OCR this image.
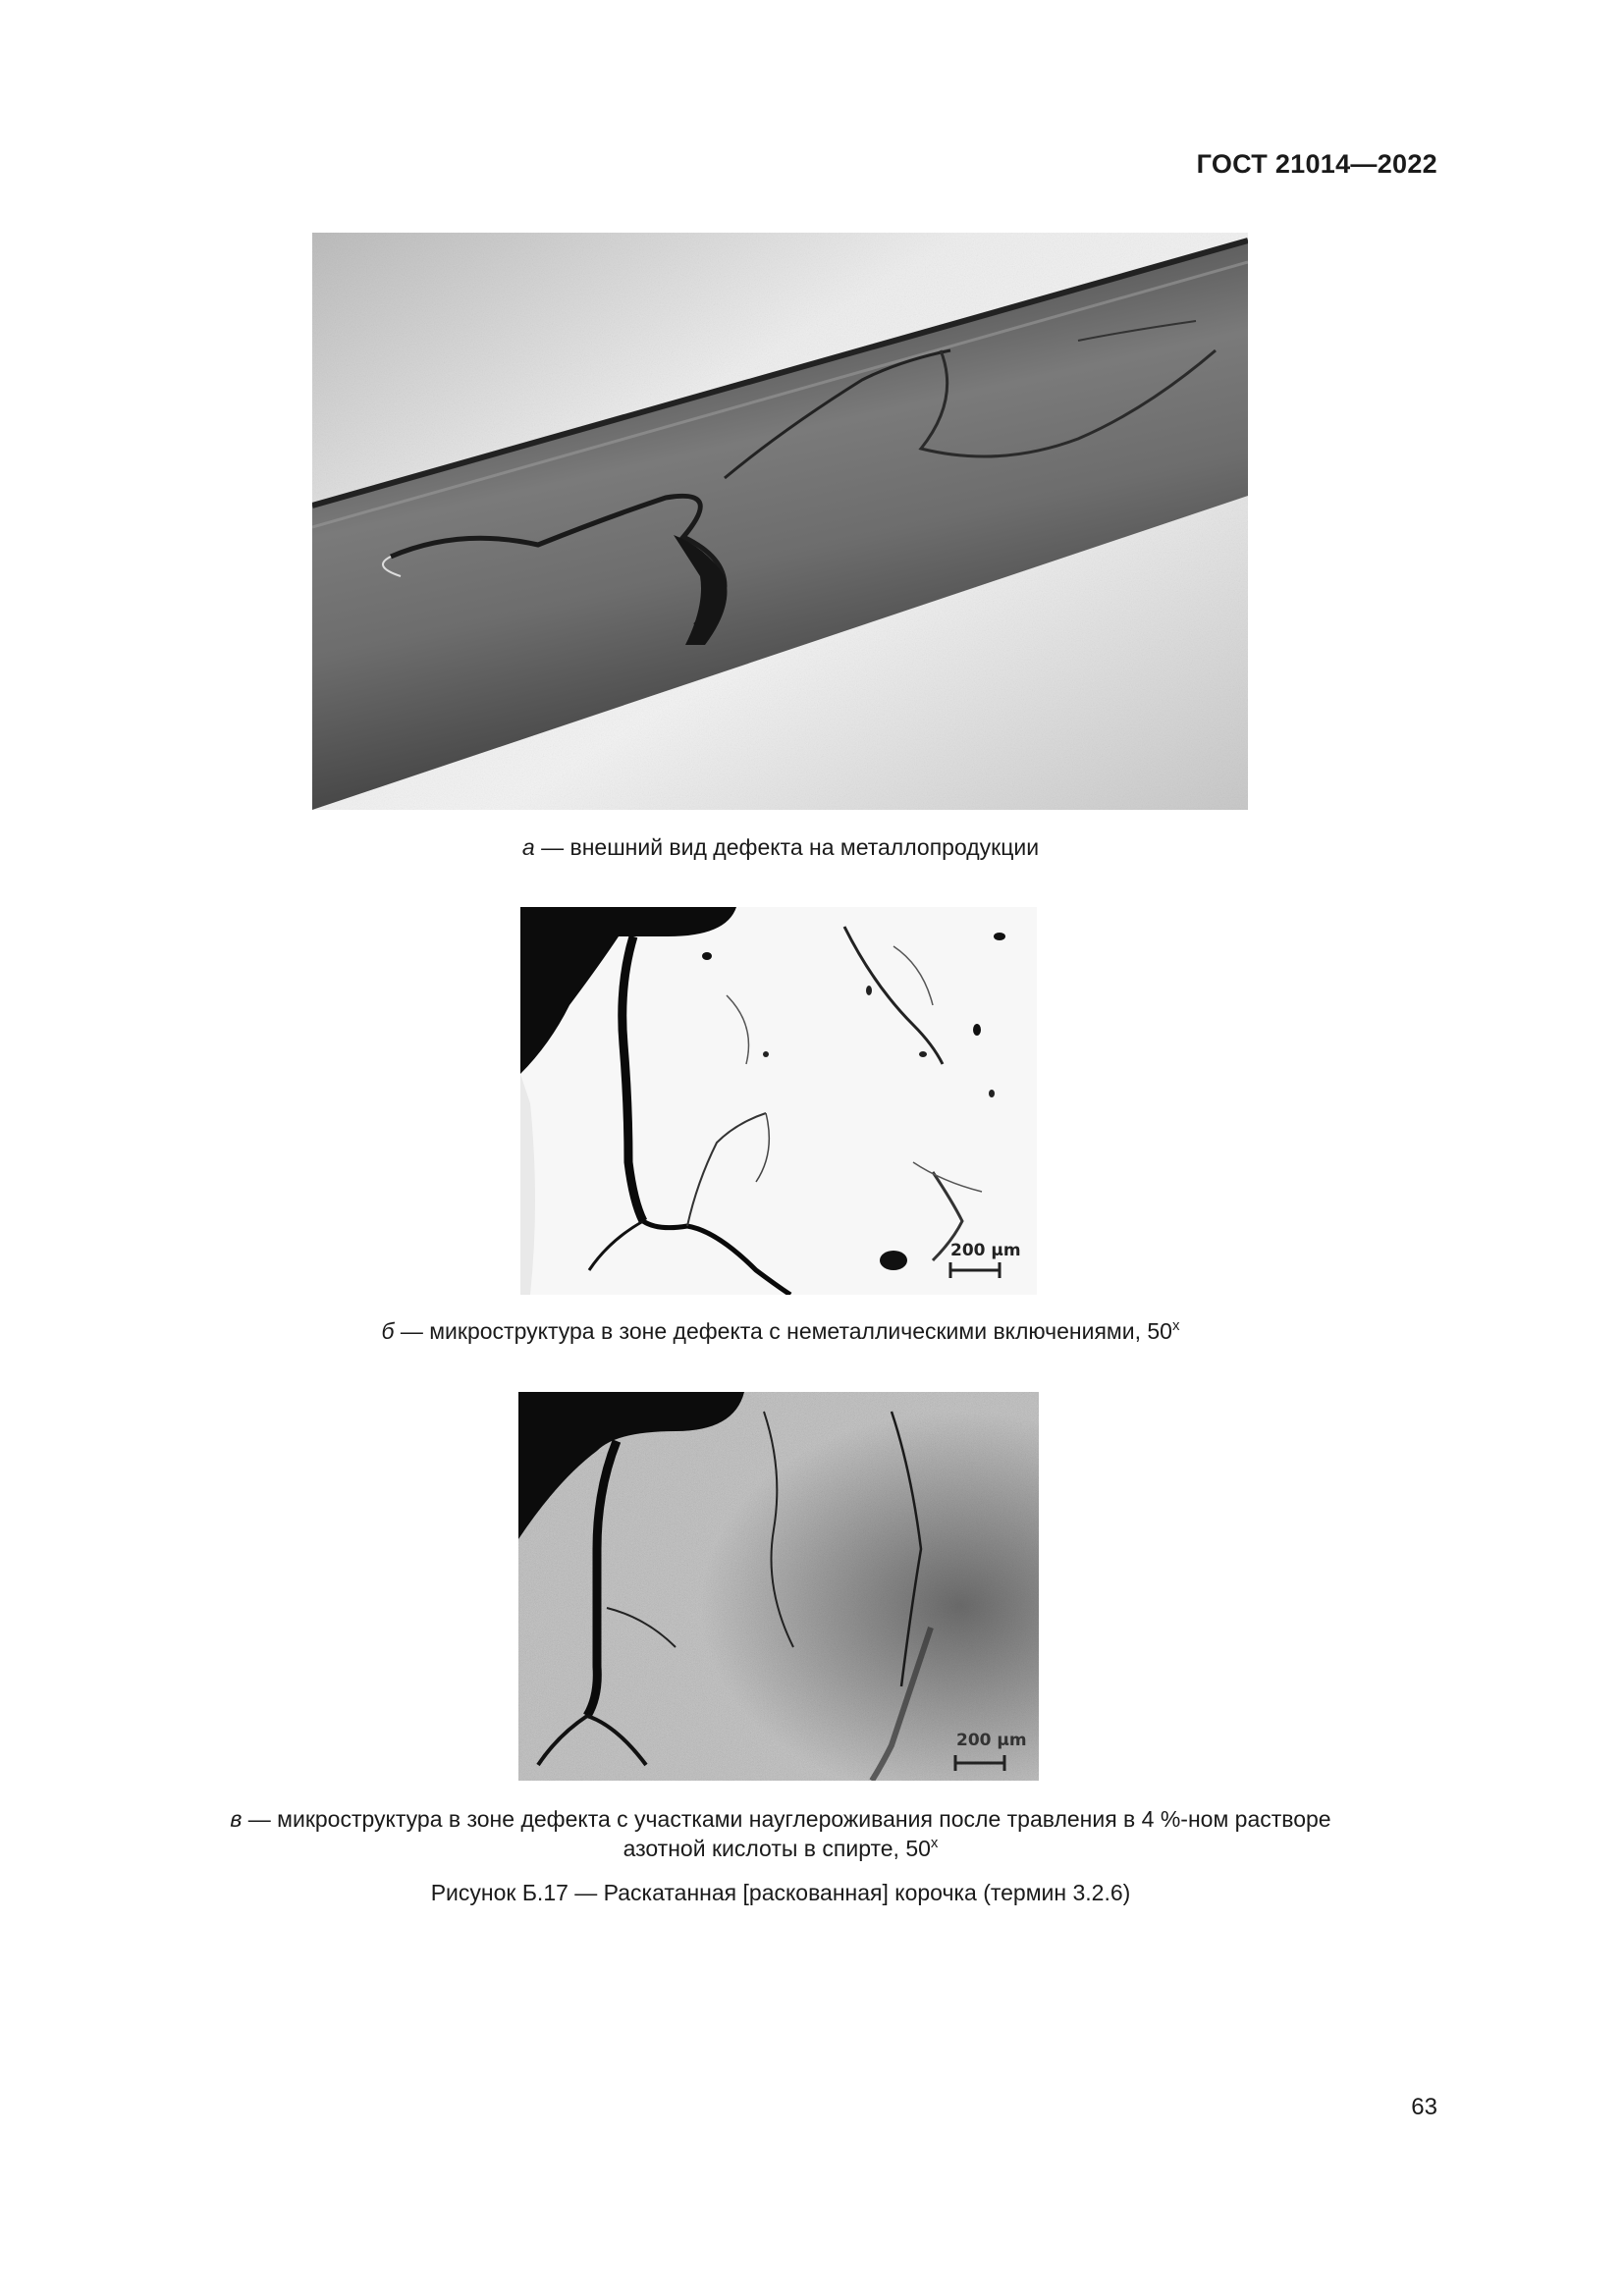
ГОСТ 21014—2022
а — внешний вид дефекта на металлопродукции
200 μm
б — микроструктура в зоне дефекта с неметаллическими включениями, 50$^x$
200 μm
в — микроструктура в зоне дефекта с участками науглероживания после травления в 4 %-ном растворе
азотной кислоты в спирте, 50$^x$
Рисунок Б.17 — Раскатанная [раскованная] корочка (термин 3.2.6)
63
